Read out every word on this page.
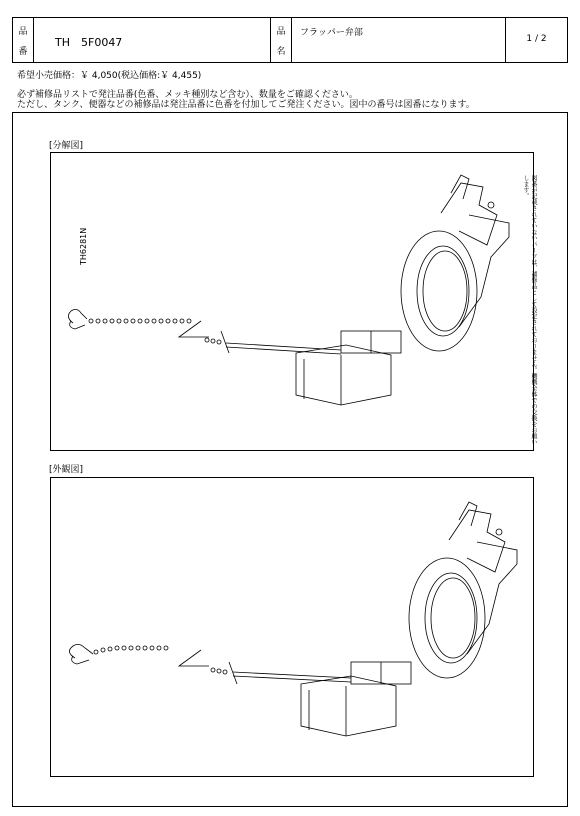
品
番
TH　5F0047
品
名
フラッパー弁部
1 / 2
希望小売価格：￥ 4,050(税込価格:￥ 4,455)
必ず補修品リストで発注品番(色番、メッキ種別など含む）、数量をご確認ください。
ただし、タンク、便器などの補修品は発注品番に色番を付加してご発注ください。図中の番号は図番になります。
[分解図]
[外観図]
TH6281N	図番が記載されていないパーツは、補修品として設定されておりません。機構全体での交換をお願いします。
